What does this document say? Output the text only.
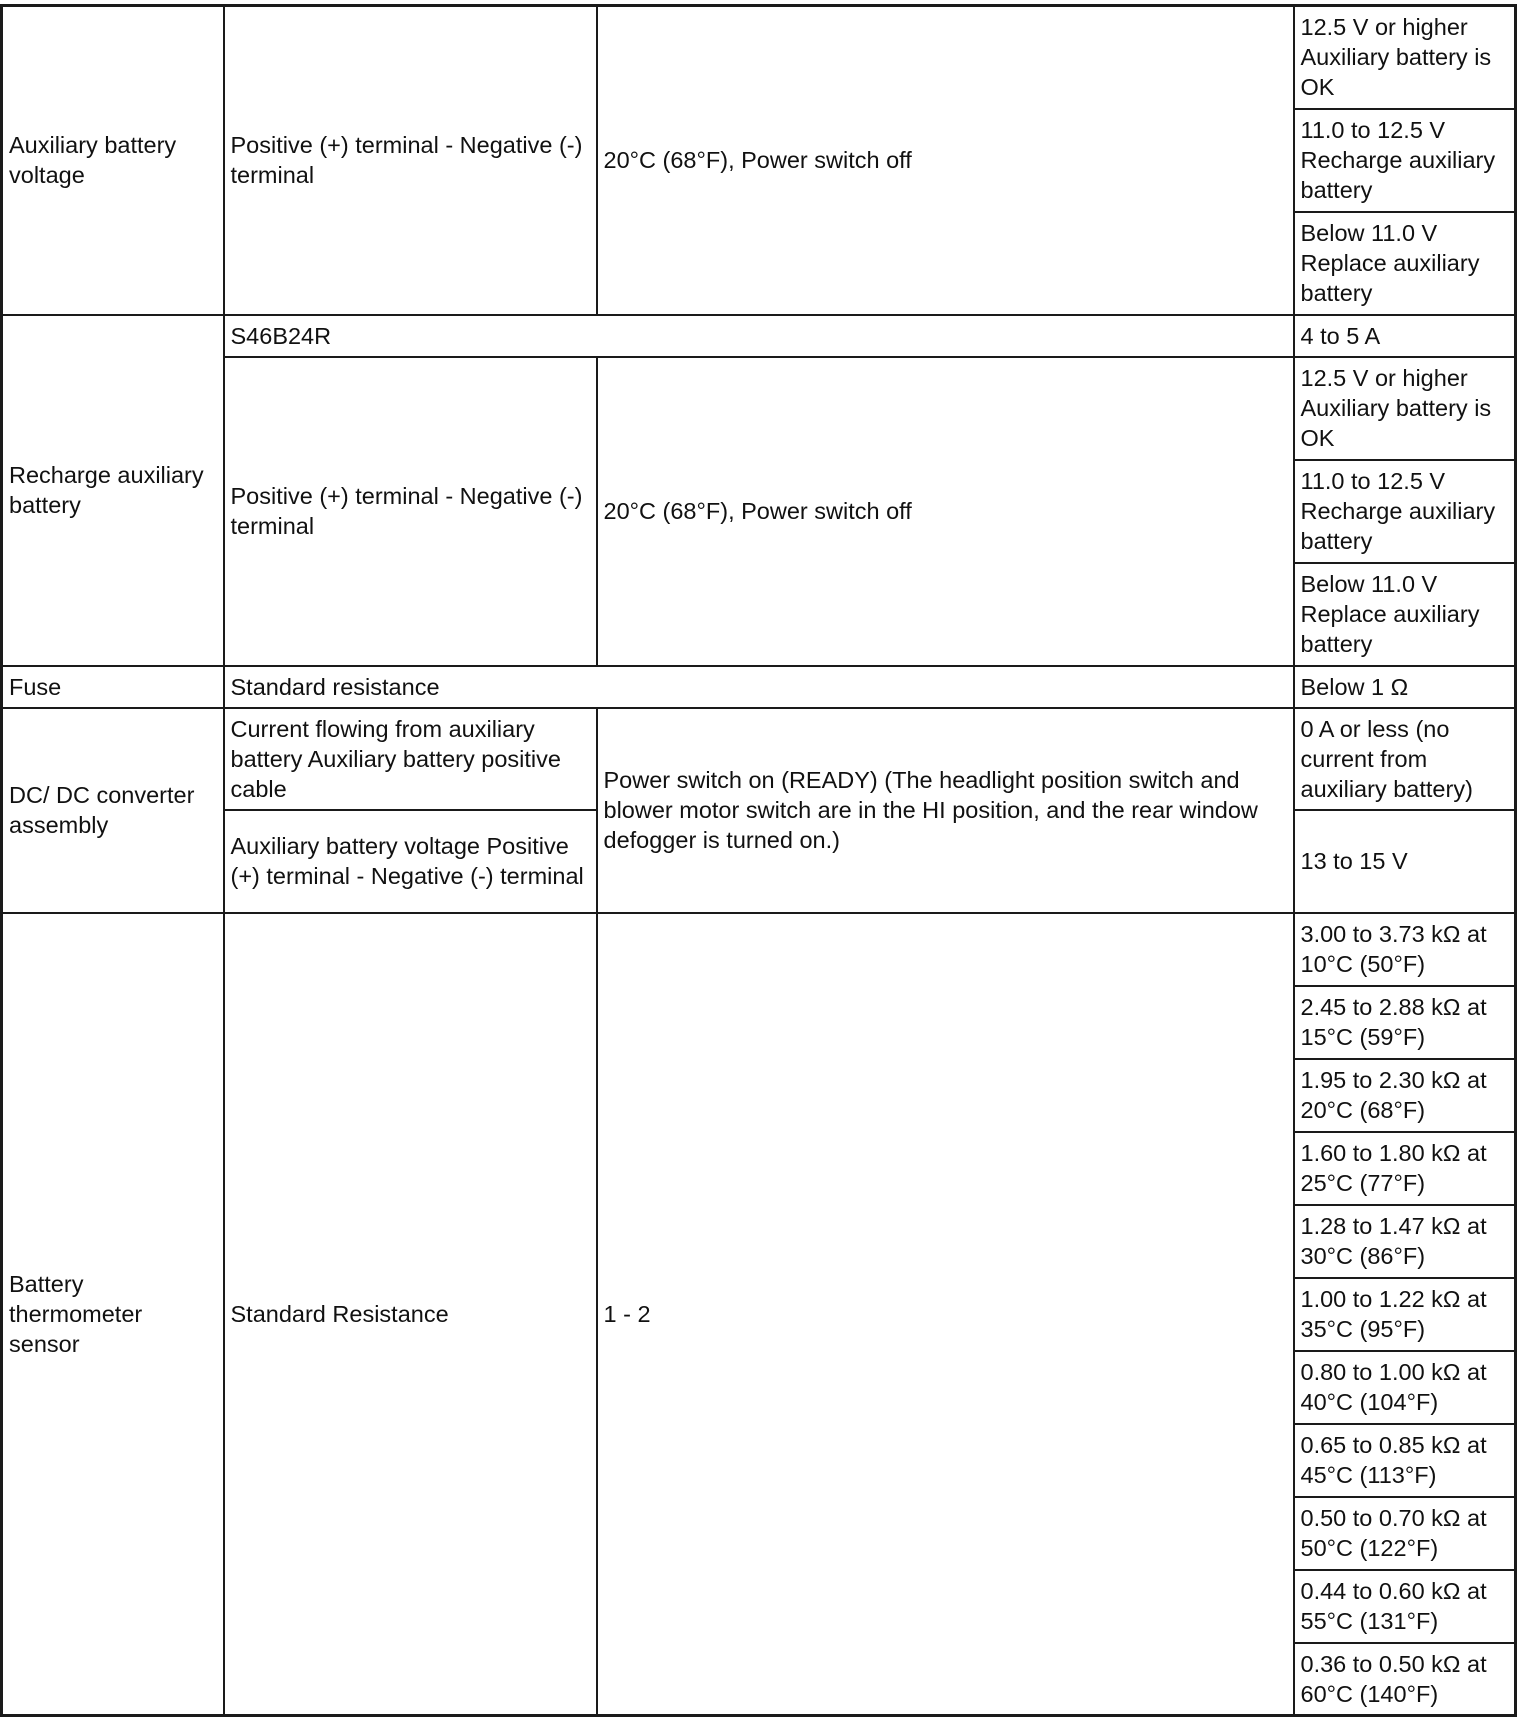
Auxiliary battery voltage	Positive (+) terminal - Negative (-) terminal	20°C (68°F), Power switch off	12.5 V or higher Auxiliary battery is OK
			11.0 to 12.5 V Recharge auxiliary battery
			Below 11.0 V Replace auxiliary battery
Recharge auxiliary battery	S46B24R		4 to 5 A
	Positive (+) terminal - Negative (-) terminal	20°C (68°F), Power switch off	12.5 V or higher Auxiliary battery is OK
			11.0 to 12.5 V Recharge auxiliary battery
			Below 11.0 V Replace auxiliary battery
Fuse	Standard resistance		Below 1 Ω
DC/ DC converter assembly	Current flowing from auxiliary battery Auxiliary battery positive cable	Power switch on (READY) (The headlight position switch and blower motor switch are in the HI position, and the rear window defogger is turned on.)	0 A or less (no current from auxiliary battery)
	Auxiliary battery voltage Positive (+) terminal - Negative (-) terminal		13 to 15 V
Battery thermometer sensor	Standard Resistance	1 - 2	3.00 to 3.73 kΩ at 10°C (50°F)
			2.45 to 2.88 kΩ at 15°C (59°F)
			1.95 to 2.30 kΩ at 20°C (68°F)
			1.60 to 1.80 kΩ at 25°C (77°F)
			1.28 to 1.47 kΩ at 30°C (86°F)
			1.00 to 1.22 kΩ at 35°C (95°F)
			0.80 to 1.00 kΩ at 40°C (104°F)
			0.65 to 0.85 kΩ at 45°C (113°F)
			0.50 to 0.70 kΩ at 50°C (122°F)
			0.44 to 0.60 kΩ at 55°C (131°F)
			0.36 to 0.50 kΩ at 60°C (140°F)
